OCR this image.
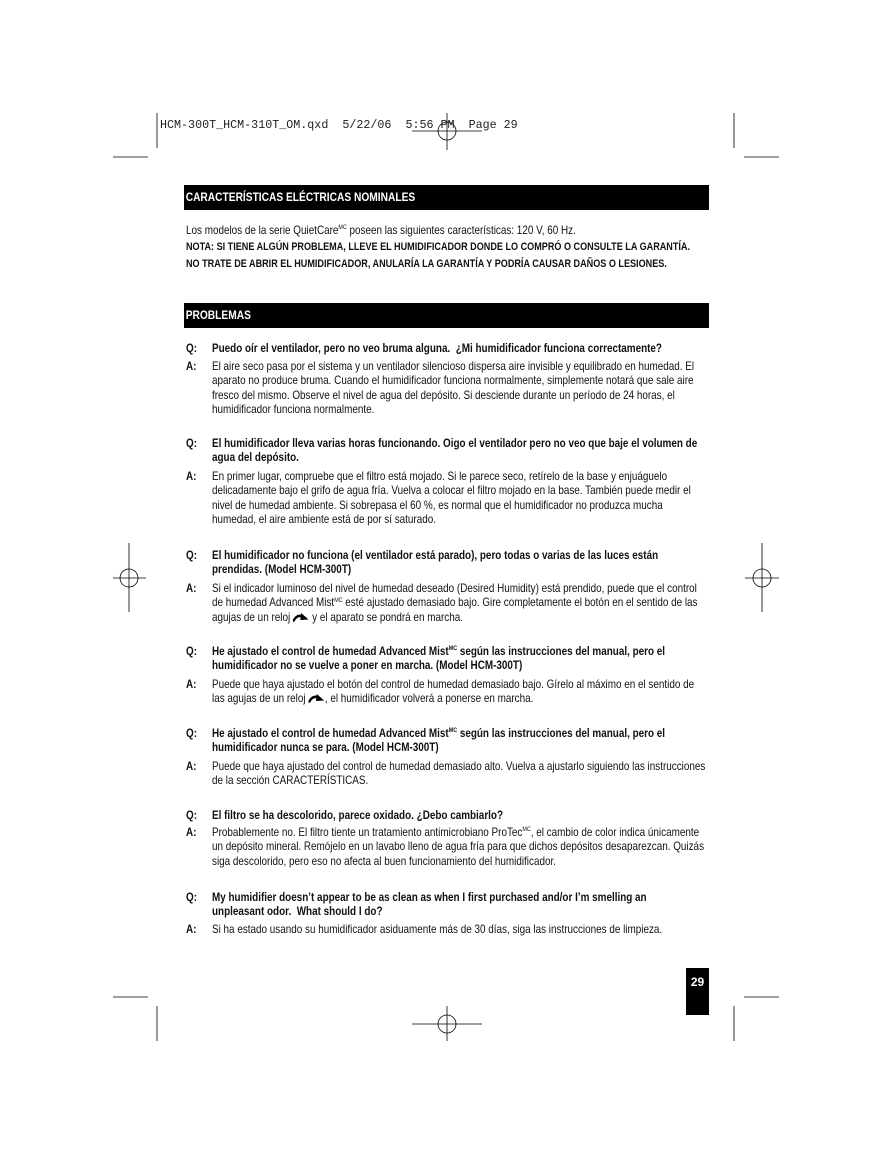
HCM-300T_HCM-310T_OM.qxd  5/22/06  5:56 PM  Page 29
CARACTERÍSTICAS ELÉCTRICAS NOMINALES
Los modelos de la serie QuietCare$^{MC}$ poseen las siguientes características: 120 V, 60 Hz.
NOTA: SI TIENE ALGÚN PROBLEMA, LLEVE EL HUMIDIFICADOR DONDE LO COMPRÓ O CONSULTE LA GARANTÍA.
NO TRATE DE ABRIR EL HUMIDIFICADOR, ANULARÍA LA GARANTÍA Y PODRÍA CAUSAR DAÑOS O LESIONES.
PROBLEMAS
Q: Puedo oír el ventilador, pero no veo bruma alguna.  ¿Mi humidificador funciona correctamente?
A: El aire seco pasa por el sistema y un ventilador silencioso dispersa aire invisible y equilibrado en humedad. El
aparato no produce bruma. Cuando el humidificador funciona normalmente, simplemente notará que sale aire
fresco del mismo. Observe el nivel de agua del depósito. Si desciende durante un período de 24 horas, el
humidificador funciona normalmente.
Q: El humidificador lleva varias horas funcionando. Oigo el ventilador pero no veo que baje el volumen de
agua del depósito.
A: En primer lugar, compruebe que el filtro está mojado. Si le parece seco, retírelo de la base y enjuáguelo
delicadamente bajo el grifo de agua fría. Vuelva a colocar el filtro mojado en la base. También puede medir el
nivel de humedad ambiente. Si sobrepasa el 60 %, es normal que el humidificador no produzca mucha
humedad, el aire ambiente está de por sí saturado.
Q: El humidificador no funciona (el ventilador está parado), pero todas o varias de las luces están
prendidas. (Model HCM-300T)
A: Si el indicador luminoso del nivel de humedad deseado (Desired Humidity) está prendido, puede que el control
de humedad Advanced Mist$^{MC}$ esté ajustado demasiado bajo. Gire completamente el botón en el sentido de las
agujas de un reloj  y el aparato se pondrá en marcha.
Q: He ajustado el control de humedad Advanced Mist$^{MC}$ según las instrucciones del manual, pero el
humidificador no se vuelve a poner en marcha. (Model HCM-300T)
A: Puede que haya ajustado el botón del control de humedad demasiado bajo. Gírelo al máximo en el sentido de
las agujas de un reloj , el humidificador volverá a ponerse en marcha.
Q: He ajustado el control de humedad Advanced Mist$^{MC}$ según las instrucciones del manual, pero el
humidificador nunca se para. (Model HCM-300T)
A: Puede que haya ajustado del control de humedad demasiado alto. Vuelva a ajustarlo siguiendo las instrucciones
de la sección CARACTERÍSTICAS.
Q: El filtro se ha descolorido, parece oxidado. ¿Debo cambiarlo?
A: Probablemente no. El filtro tiente un tratamiento antimicrobiano ProTec$^{MC}$, el cambio de color indica únicamente
un depósito mineral. Remójelo en un lavabo lleno de agua fría para que dichos depósitos desaparezcan. Quizás
siga descolorido, pero eso no afecta al buen funcionamiento del humidificador.
Q: My humidifier doesn’t appear to be as clean as when I first purchased and/or I’m smelling an
unpleasant odor.  What should I do?
A: Si ha estado usando su humidificador asiduamente más de 30 días, siga las instrucciones de limpieza.
29
